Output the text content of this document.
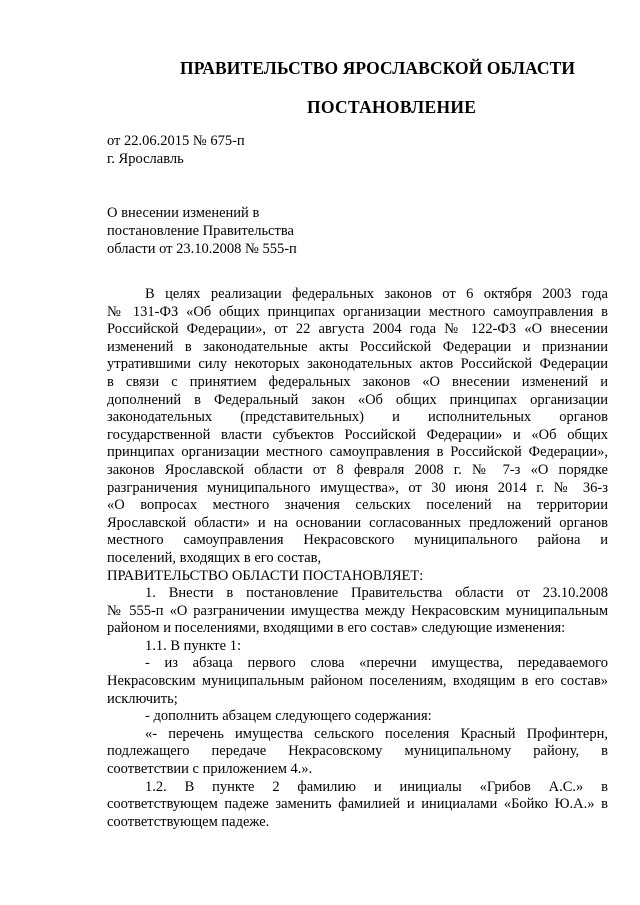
ПРАВИТЕЛЬСТВО ЯРОСЛАВСКОЙ ОБЛАСТИ
ПОСТАНОВЛЕНИЕ
от 22.06.2015 № 675-п
г. Ярославль
О внесении изменений в
постановление Правительства
области от 23.10.2008 № 555-п
В целях реализации федеральных законов от 6 октября 2003 года
№ 131-ФЗ «Об общих принципах организации местного самоуправления в
Российской Федерации», от 22 августа 2004 года № 122-ФЗ «О внесении
изменений в законодательные акты Российской Федерации и признании
утратившими силу некоторых законодательных актов Российской Федерации
в связи с принятием федеральных законов «О внесении изменений и
дополнений в Федеральный закон «Об общих принципах организации
законодательных (представительных) и исполнительных органов
государственной власти субъектов Российской Федерации» и «Об общих
принципах организации местного самоуправления в Российской Федерации»,
законов Ярославской области от 8 февраля 2008 г. № 7-з «О порядке
разграничения муниципального имущества», от 30 июня 2014 г. № 36-з
«О вопросах местного значения сельских поселений на территории
Ярославской области» и на основании согласованных предложений органов
местного самоуправления Некрасовского муниципального района и
поселений, входящих в его состав,
ПРАВИТЕЛЬСТВО ОБЛАСТИ ПОСТАНОВЛЯЕТ:
1. Внести в постановление Правительства области от 23.10.2008
№ 555-п «О разграничении имущества между Некрасовским муниципальным
районом и поселениями, входящими в его состав» следующие изменения:
1.1. В пункте 1:
- из абзаца первого слова «перечни имущества, передаваемого
Некрасовским муниципальным районом поселениям, входящим в его состав»
исключить;
- дополнить абзацем следующего содержания:
«- перечень имущества сельского поселения Красный Профинтерн,
подлежащего передаче Некрасовскому муниципальному району, в
соответствии с приложением 4.».
1.2. В пункте 2 фамилию и инициалы «Грибов А.С.» в
соответствующем падеже заменить фамилией и инициалами «Бойко Ю.А.» в
соответствующем падеже.
